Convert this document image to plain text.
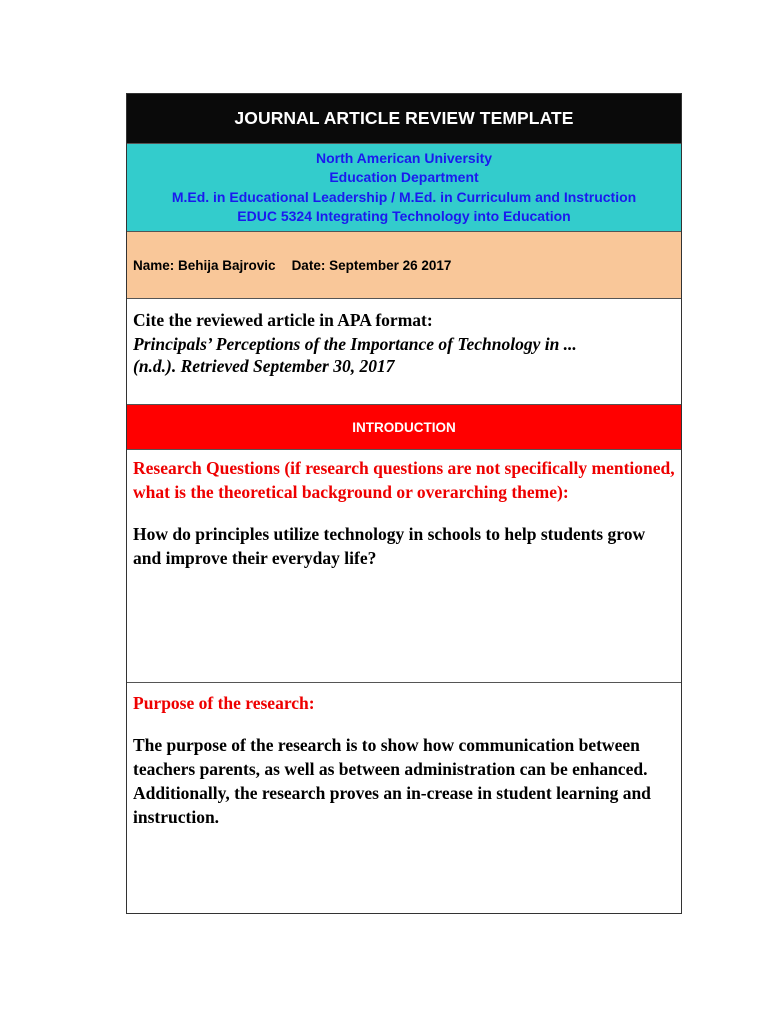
JOURNAL ARTICLE REVIEW TEMPLATE
North American University
Education Department
M.Ed. in Educational Leadership / M.Ed. in Curriculum and Instruction
EDUC 5324 Integrating Technology into Education
Name: Behija Bajrovic Date: September 26 2017
Cite the reviewed article in APA format:
Principals’ Perceptions of the Importance of Technology in ...
(n.d.). Retrieved September 30, 2017
INTRODUCTION
Research Questions (if research questions are not specifically mentioned, what is the theoretical background or overarching theme):
How do principles utilize technology in schools to help students grow and improve their everyday life?
Purpose of the research:
The purpose of the research is to show how communication between teachers parents, as well as between administration can be enhanced. Additionally, the research proves an in-crease in student learning and instruction.
